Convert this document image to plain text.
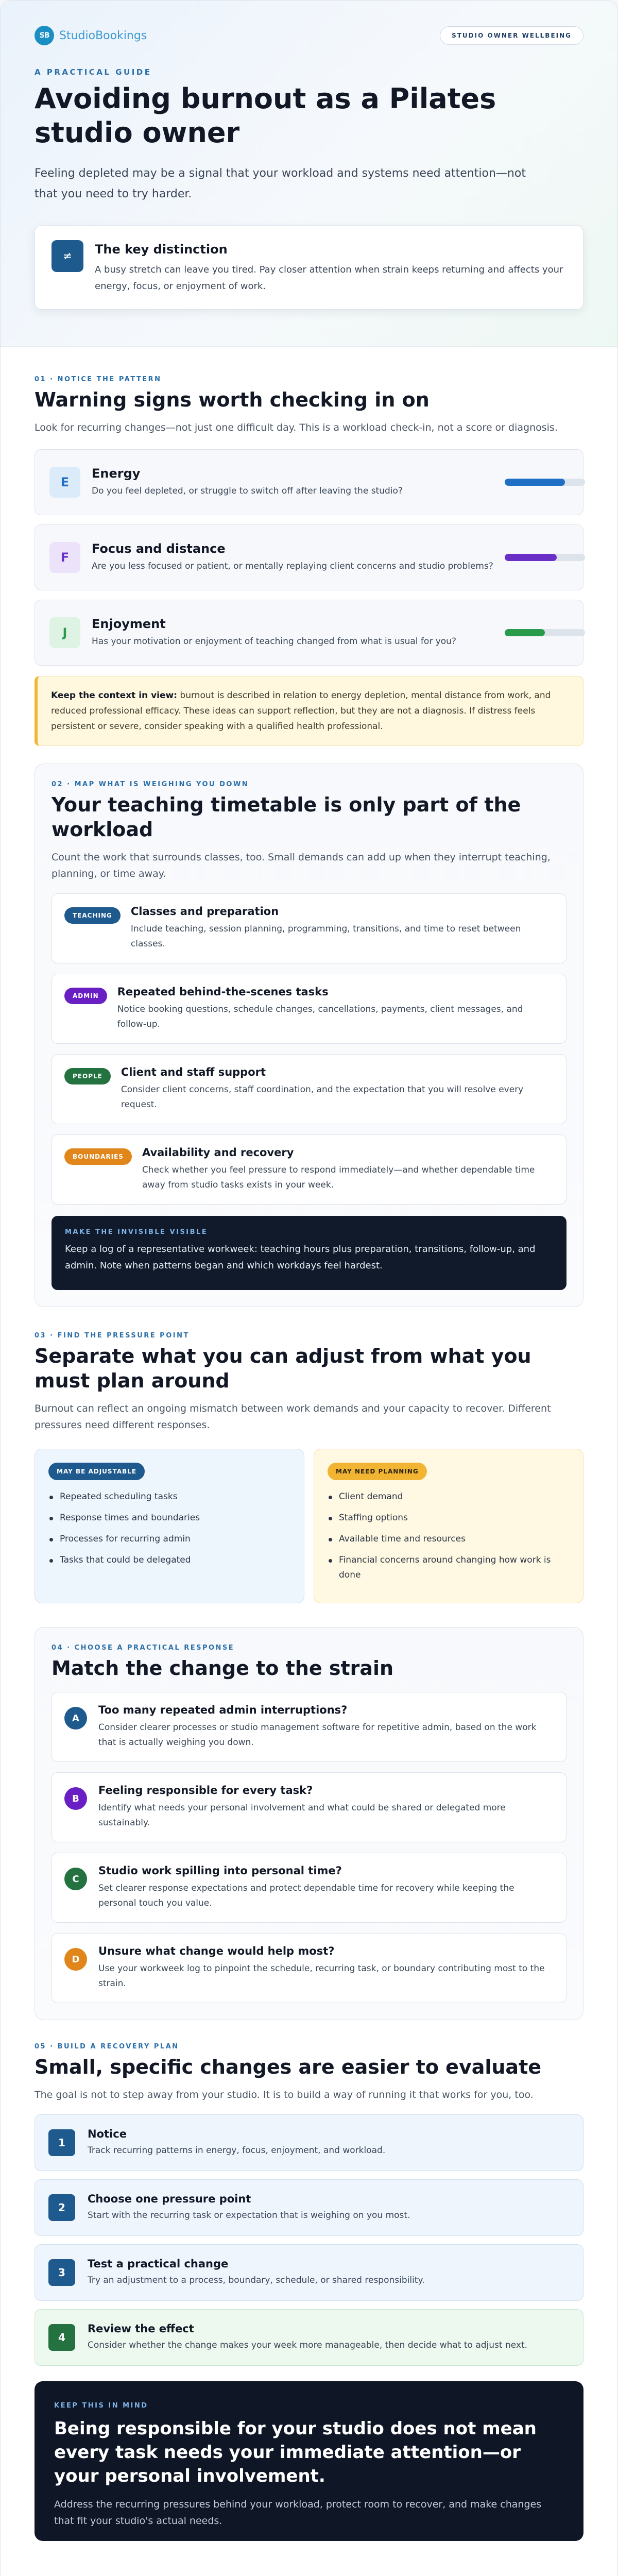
SB StudioBookings	STUDIO OWNER WELLBEING
A PRACTICAL GUIDE
Avoiding burnout as a Pilates studio owner

Feeling depleted may be a signal that your workload and systems need attention—not that you need to try harder.

≠	The key distinction
A busy stretch can leave you tired. Pay closer attention when strain keeps returning and affects your energy, focus, or enjoyment of work.
01 · NOTICE THE PATTERN
Warning signs worth checking in on
Look for recurring changes—not just one difficult day. This is a workload check-in, not a score or diagnosis.
E
Energy
Do you feel depleted, or struggle to switch off after leaving the studio?
F
Focus and distance
Are you less focused or patient, or mentally replaying client concerns and studio problems?
J
Enjoyment
Has your motivation or enjoyment of teaching changed from what is usual for you?
Keep the context in view: burnout is described in relation to energy depletion, mental distance from work, and reduced professional efficacy. These ideas can support reflection, but they are not a diagnosis. If distress feels persistent or severe, consider speaking with a qualified health professional.
02 · MAP WHAT IS WEIGHING YOU DOWN
Your teaching timetable is only part of the workload
Count the work that surrounds classes, too. Small demands can add up when they interrupt teaching, planning, or time away.
TEACHING	Classes and preparation
Include teaching, session planning, programming, transitions, and time to reset between classes.
ADMIN	Repeated behind-the-scenes tasks
Notice booking questions, schedule changes, cancellations, payments, client messages, and follow-up.
PEOPLE	Client and staff support
Consider client concerns, staff coordination, and the expectation that you will resolve every request.
BOUNDARIES	Availability and recovery
Check whether you feel pressure to respond immediately—and whether dependable time away from studio tasks exists in your week.
MAKE THE INVISIBLE VISIBLE

Keep a log of a representative workweek: teaching hours plus preparation, transitions, follow-up, and admin. Note when patterns began and which workdays feel hardest.

03 · FIND THE PRESSURE POINT
Separate what you can adjust from what you must plan around
Burnout can reflect an ongoing mismatch between work demands and your capacity to recover. Different pressures need different responses.
MAY BE ADJUSTABLE
Repeated scheduling tasks
Response times and boundaries
Processes for recurring admin
Tasks that could be delegated
MAY NEED PLANNING
Client demand
Staffing options
Available time and resources
Financial concerns around changing how work is done
04 · CHOOSE A PRACTICAL RESPONSE
Match the change to the strain
A
Too many repeated admin interruptions?
Consider clearer processes or studio management software for repetitive admin, based on the work that is actually weighing you down.
B
Feeling responsible for every task?
Identify what needs your personal involvement and what could be shared or delegated more sustainably.
C
Studio work spilling into personal time?
Set clearer response expectations and protect dependable time for recovery while keeping the personal touch you value.
D
Unsure what change would help most?
Use your workweek log to pinpoint the schedule, recurring task, or boundary contributing most to the strain.
05 · BUILD A RECOVERY PLAN
Small, specific changes are easier to evaluate
The goal is not to step away from your studio. It is to build a way of running it that works for you, too.
1
Notice
Track recurring patterns in energy, focus, enjoyment, and workload.
2
Choose one pressure point
Start with the recurring task or expectation that is weighing on you most.
3
Test a practical change
Try an adjustment to a process, boundary, schedule, or shared responsibility.
4
Review the effect
Consider whether the change makes your week more manageable, then decide what to adjust next.
KEEP THIS IN MIND
Being responsible for your studio does not mean every task needs your immediate attention—or your personal involvement.

Address the recurring pressures behind your workload, protect room to recover, and make changes that fit your studio's actual needs.
